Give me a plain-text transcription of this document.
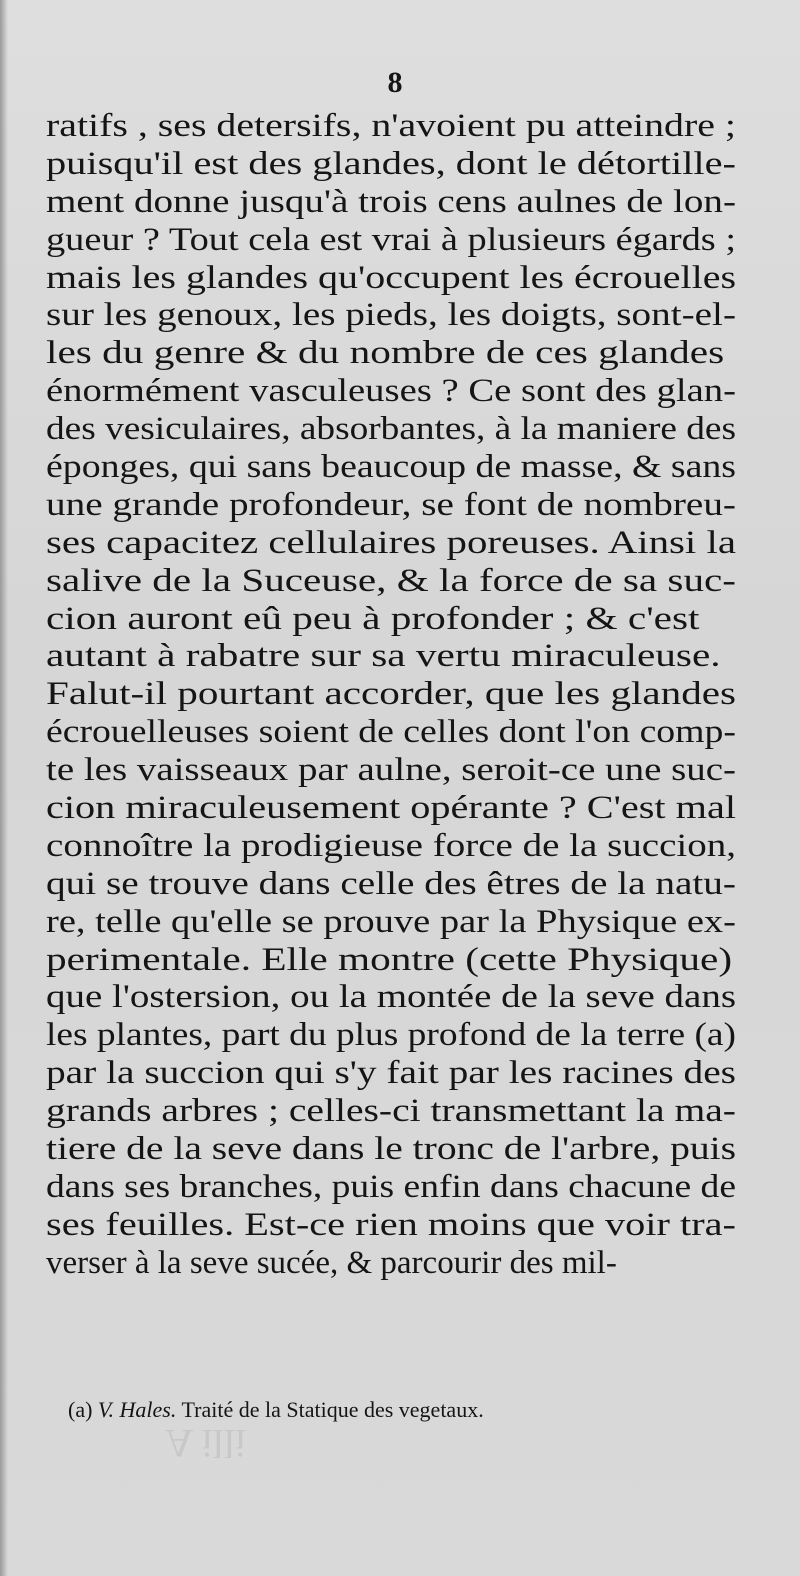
8
ratifs , ses detersifs, n'avoient pu atteindre ;
puisqu'il est des glandes, dont le détortille-
ment donne jusqu'à trois cens aulnes de lon-
gueur ? Tout cela est vrai à plusieurs égards ;
mais les glandes qu'occupent les écrouelles
sur les genoux, les pieds, les doigts, sont-el-
les du genre & du nombre de ces glandes
énormément vasculeuses ? Ce sont des glan-
des vesiculaires, absorbantes, à la maniere des
éponges, qui sans beaucoup de masse, & sans
une grande profondeur, se font de nombreu-
ses capacitez cellulaires poreuses. Ainsi la
salive de la Suceuse, & la force de sa suc-
cion auront eû peu à profonder ; & c'est
autant à rabatre sur sa vertu miraculeuse.
Falut-il pourtant accorder, que les glandes
écrouelleuses soient de celles dont l'on comp-
te les vaisseaux par aulne, seroit-ce une suc-
cion miraculeusement opérante ? C'est mal
connoître la prodigieuse force de la succion,
qui se trouve dans celle des êtres de la natu-
re, telle qu'elle se prouve par la Physique ex-
perimentale. Elle montre (cette Physique)
que l'ostersion, ou la montée de la seve dans
les plantes, part du plus profond de la terre (a)
par la succion qui s'y fait par les racines des
grands arbres ; celles-ci transmettant la ma-
tiere de la seve dans le tronc de l'arbre, puis
dans ses branches, puis enfin dans chacune de
ses feuilles. Est-ce rien moins que voir tra-
verser à la seve sucée, & parcourir des mil-
(a) V. Hales. Traité de la Statique des vegetaux.
A illi
